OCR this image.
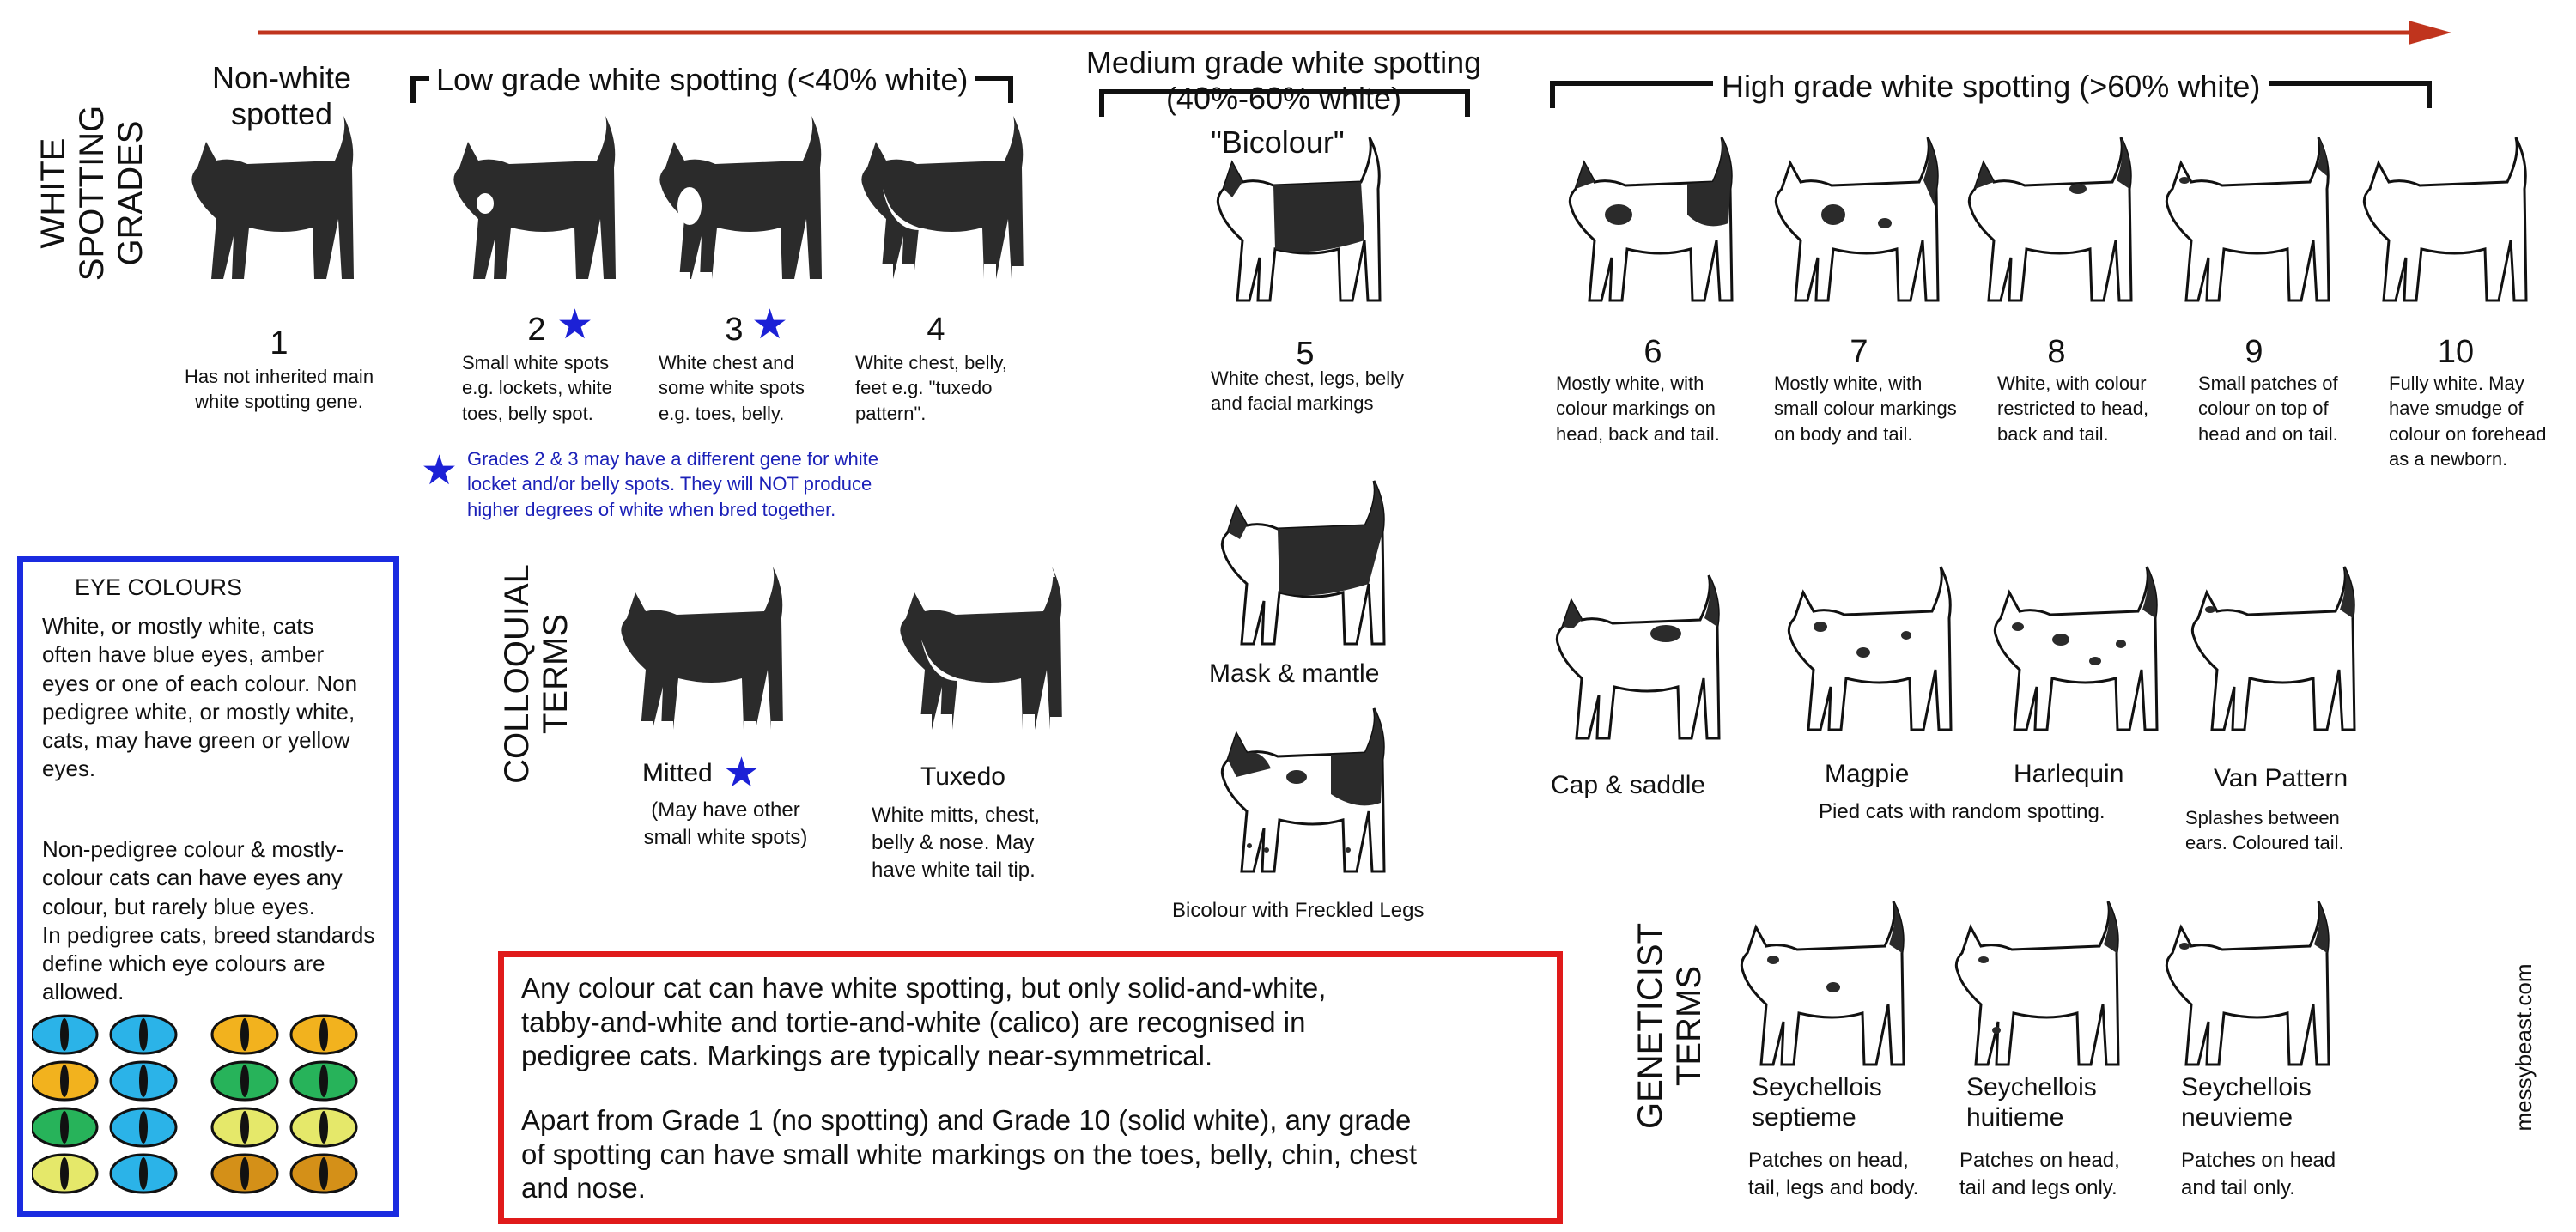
WHITE SPOTTING
GRADES
COLLOQUIAL
TERMS
GENETICIST
TERMS
Non-white
spotted
Low grade white spotting (<40% white)	Medium grade white spotting
(40%-60% white)
"Bicolour"
High grade white spotting (>60% white)
1	2 ★	3 ★	4
5	6	7	8	9	10
Has not inherited main
white spotting gene.
Small white spots
e.g. lockets, white
toes, belly spot.
White chest and
some white spots
e.g. toes, belly.
White chest, belly,
feet e.g. "tuxedo
pattern".
White chest, legs, belly
and facial markings
Mostly white, with
colour markings on
head, back and tail.
Mostly white, with
small colour markings
on body and tail.
White, with colour
restricted to head,
back and tail.
Small patches of
colour on top of
head and on tail.
Fully white. May
have smudge of
colour on forehead
as a newborn.
★ Grades 2 & 3 may have a different gene for white
locket and/or belly spots. They will NOT produce
higher degrees of white when bred together.
Mitted ★
(May have other
small white spots)
Tuxedo
White mitts, chest,
belly & nose. May
have white tail tip.
Mask & mantle
Bicolour with Freckled Legs
Cap & saddle	Magpie	Harlequin
Pied cats with random spotting.
Van Pattern
Splashes between
ears. Coloured tail.
Seychellois
septieme
Patches on head,
tail, legs and body.
Seychellois
huitieme
Patches on head,
tail and legs only.
Seychellois
neuvieme
Patches on head
and tail only.
EYE COLOURS
White, or mostly white, cats
often have blue eyes, amber
eyes or one of each colour. Non
pedigree white, or mostly white,
cats, may have green or yellow
eyes.
Non-pedigree colour & mostly-
colour cats can have eyes any
colour, but rarely blue eyes.
In pedigree cats, breed standards
define which eye colours are
allowed.	Any colour cat can have white spotting, but only solid-and-white,
tabby-and-white and tortie-and-white (calico) are recognised in
pedigree cats. Markings are typically near-symmetrical.
Apart from Grade 1 (no spotting) and Grade 10 (solid white), any grade
of spotting can have small white markings on the toes, belly, chin, chest
and nose.
messybeast.com
